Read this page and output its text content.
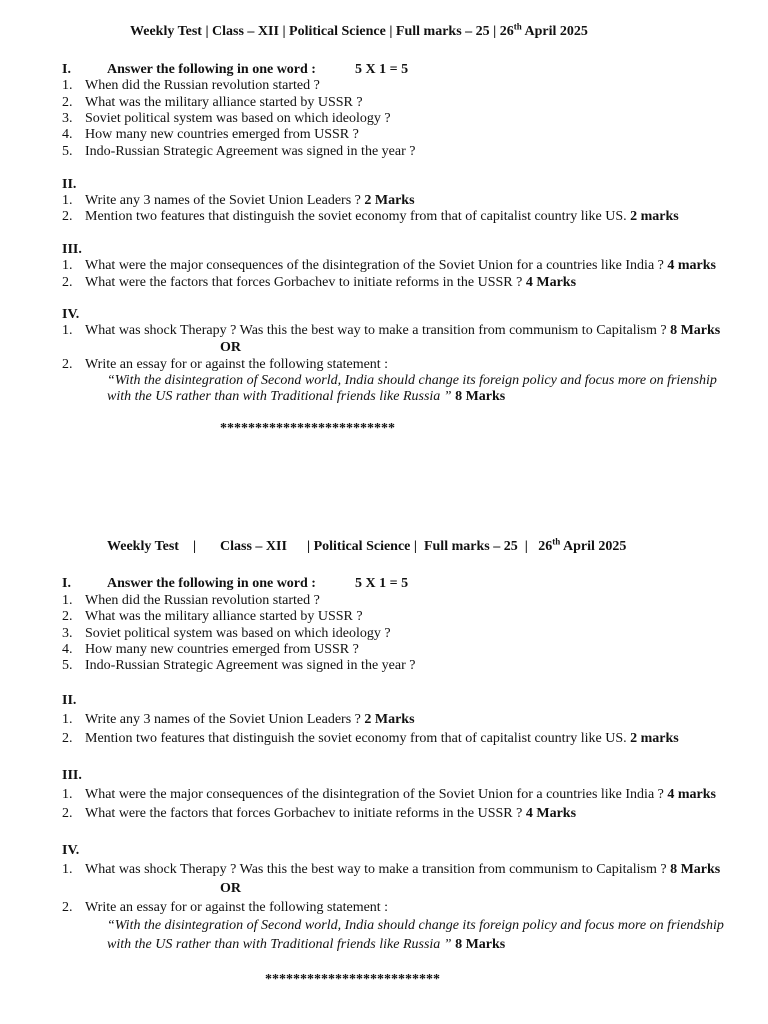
Weekly Test | Class – XII | Political Science | Full marks – 25 | 26th April 2025
I.	Answer the following in one word :	5 X 1 = 5
1. When did the Russian revolution started ?
2. What was the military alliance started by USSR ?
3. Soviet political system was based on which ideology ?
4. How many new countries emerged from USSR ?
5. Indo-Russian Strategic Agreement was signed in the year ?
II.
1. Write any 3 names of the Soviet Union Leaders ? 2 Marks
2. Mention two features that distinguish the soviet economy from that of capitalist country like US. 2 marks
III.
1. What were the major consequences of the disintegration of the Soviet Union for a countries like India ? 4 marks
2. What were the factors that forces Gorbachev to initiate reforms in the USSR ? 4 Marks
IV.
1. What was shock Therapy ? Was this the best way to make a transition from communism to Capitalism ? 8 Marks
OR
2. Write an essay for or against the following statement :
“With the disintegration of Second world, India should change its foreign policy and focus more on frienship
with the US rather than with Traditional friends like Russia ” 8 Marks
*************************
Weekly Test    | Class – XII | Political Science |  Full marks – 25  |   26th April 2025
I.	Answer the following in one word :	5 X 1 = 5
1. When did the Russian revolution started ?
2. What was the military alliance started by USSR ?
3. Soviet political system was based on which ideology ?
4. How many new countries emerged from USSR ?
5. Indo-Russian Strategic Agreement was signed in the year ?
II.
1. Write any 3 names of the Soviet Union Leaders ? 2 Marks
2. Mention two features that distinguish the soviet economy from that of capitalist country like US. 2 marks
III.
1. What were the major consequences of the disintegration of the Soviet Union for a countries like India ? 4 marks
2. What were the factors that forces Gorbachev to initiate reforms in the USSR ? 4 Marks
IV.
1. What was shock Therapy ? Was this the best way to make a transition from communism to Capitalism ? 8 Marks
OR
2. Write an essay for or against the following statement :
“With the disintegration of Second world, India should change its foreign policy and focus more on friendship
with the US rather than with Traditional friends like Russia ” 8 Marks
*************************
